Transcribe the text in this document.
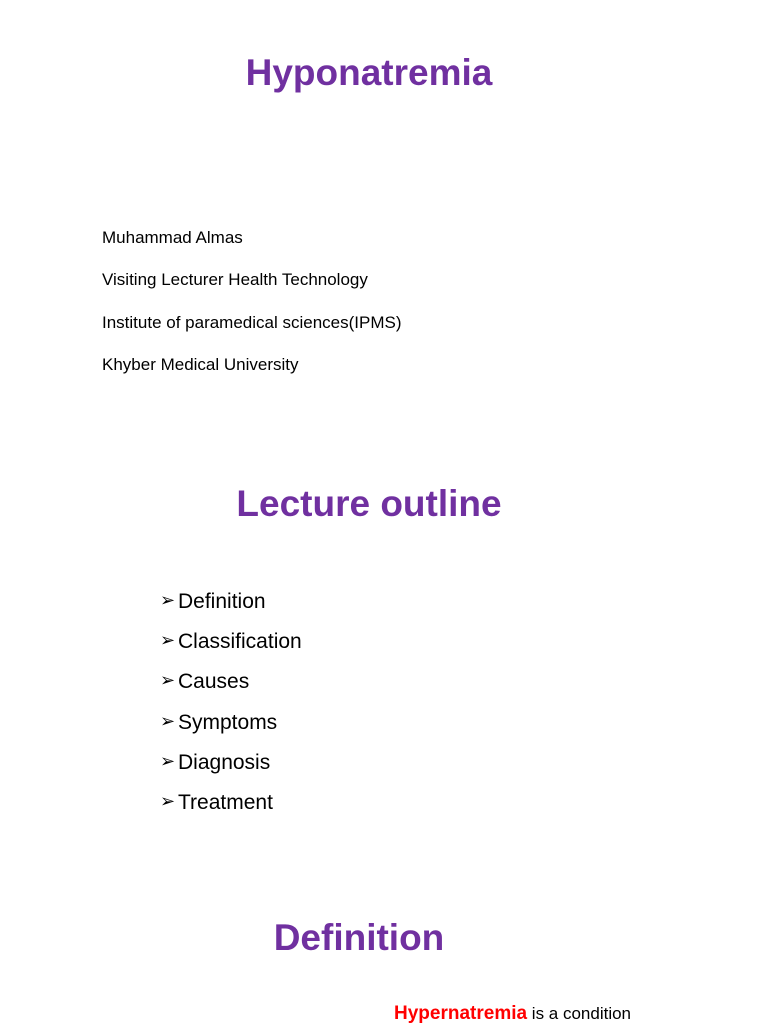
Hyponatremia

Muhammad Almas

Visiting Lecturer Health Technology

Institute of paramedical sciences(IPMS)

Khyber Medical University

Lecture outline
➢ Definition
➢ Classification
➢ Causes
➢ Symptoms
➢ Diagnosis
➢ Treatment
Definition
Hypernatremia is a condition
